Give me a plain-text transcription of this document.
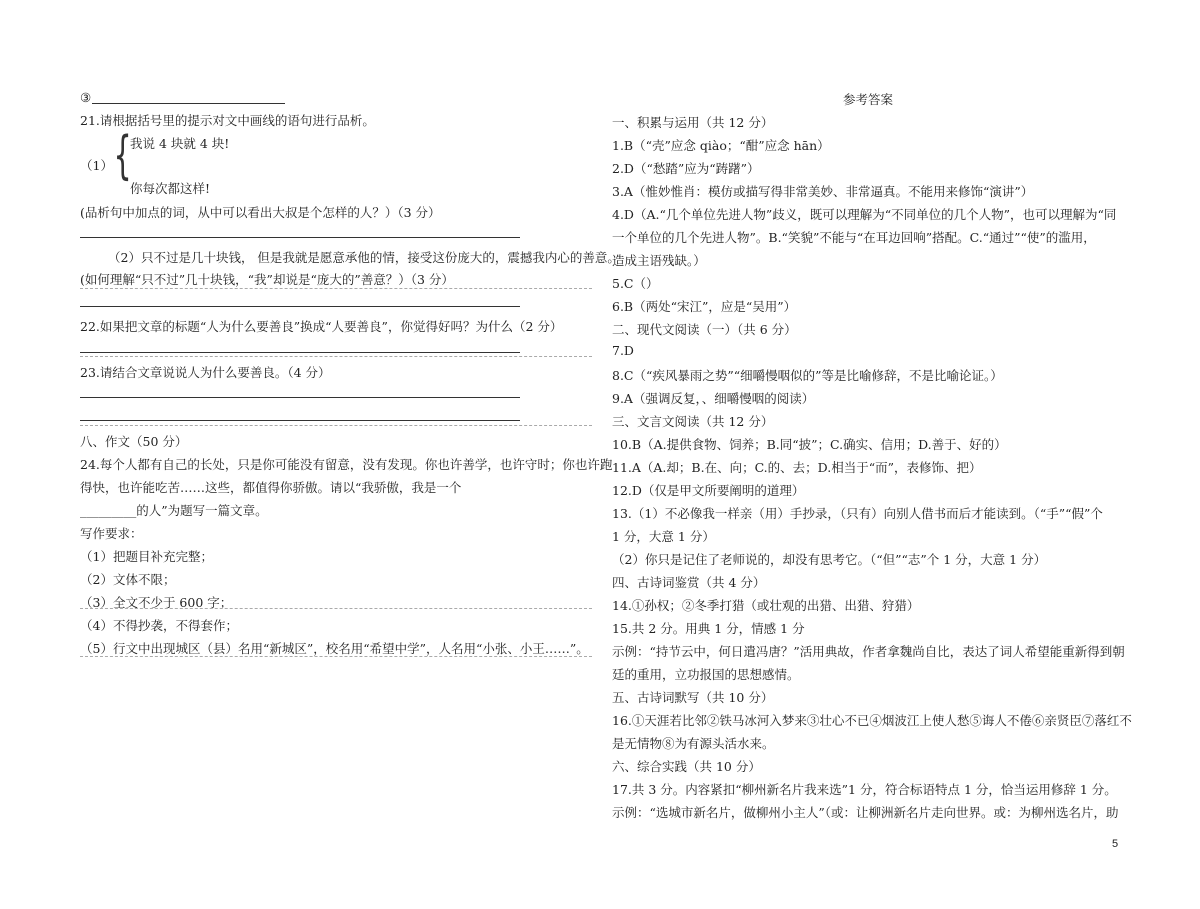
③
21.请根据括号里的提示对文中画线的语句进行品析。
（1） {
我说 4 块就 4 块!
你每次都这样!
(品析句中加点的词，从中可以看出大叔是个怎样的人？）（3 分）
（2）只不过是几十块钱， 但是我就是愿意承他的情，接受这份庞大的，震撼我内心的善意。
(如何理解“只不过”几十块钱，“我”却说是“庞大的”善意？）（3 分）
22.如果把文章的标题“人为什么要善良”换成“人要善良”，你觉得好吗？为什么（2 分）
23.请结合文章说说人为什么要善良。（4 分）
八、作文（50 分）
24.每个人都有自己的长处，只是你可能没有留意，没有发现。你也许善学，也许守时；你也许跑
得快，也许能吃苦……这些，都值得你骄傲。请以“我骄傲，我是一个
_________的人”为题写一篇文章。
写作要求：
（1）把题目补充完整；
（2）文体不限；
（3）全文不少于 600 字；
（4）不得抄袭，不得套作；
（5）行文中出现城区（县）名用“新城区”，校名用“希望中学”，人名用“小张、小王……”。
参考答案
一、积累与运用（共 12 分）
1.B（“壳”应念 qiào；“酣”应念 hān）
2.D（“愁踏”应为“踌躇”）
3.A（惟妙惟肖：模仿或描写得非常美妙、非常逼真。不能用来修饰“演讲”）
4.D（A.“几个单位先进人物”歧义，既可以理解为“不同单位的几个人物”，也可以理解为“同
一个单位的几个先进人物”。B.“笑貌”不能与“在耳边回响”搭配。C.“通过”“使”的滥用，
造成主语残缺。）
5.C（）
6.B（两处“宋江”，应是“吴用”）
二、现代文阅读（一）（共 6 分）
7.D
8.C（“疾风暴雨之势”“细嚼慢咽似的”等是比喻修辞，不是比喻论证。）
9.A（强调反复，、细嚼慢咽的阅读）
三、文言文阅读（共 12 分）
10.B（A.提供食物、饲养；B.同“披”；C.确实、信用；D.善于、好的）
11.A（A.却；B.在、向；C.的、去；D.相当于“而”，表修饰、把）
12.D（仅是甲文所要阐明的道理）
13.（1）不必像我一样亲（用）手抄录，（只有）向别人借书而后才能读到。（“手”“假”个
1 分，大意 1 分）
（2）你只是记住了老师说的，却没有思考它。（“但”“志”个 1 分，大意 1 分）
四、古诗词鉴赏（共 4 分）
14.①孙权；②冬季打猎（或壮观的出猎、出猎、狩猎）
15.共 2 分。用典 1 分，情感 1 分
示例：“持节云中，何日遣冯唐？”活用典故，作者拿魏尚自比，表达了词人希望能重新得到朝
廷的重用，立功报国的思想感情。
五、古诗词默写（共 10 分）
16.①天涯若比邻②铁马冰河入梦来③壮心不已④烟波江上使人愁⑤诲人不倦⑥亲贤臣⑦落红不
是无情物⑧为有源头活水来。
六、综合实践（共 10 分）
17.共 3 分。内容紧扣“柳州新名片我来选”1 分，符合标语特点 1 分，恰当运用修辞 1 分。
示例：“选城市新名片，做柳州小主人”（或：让柳洲新名片走向世界。或：为柳州选名片，助
5
